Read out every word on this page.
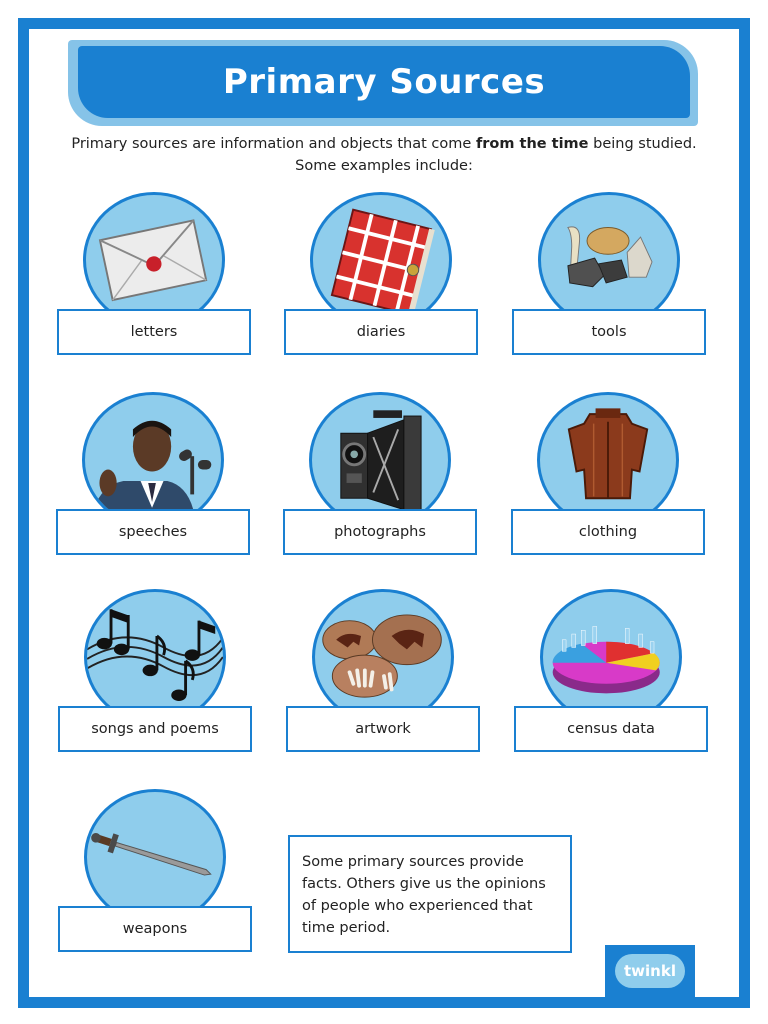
Primary Sources
Primary sources are information and objects that come from the time being studied.
Some examples include:
letters	diaries	tools
speeches	photographs	clothing
songs and poems	artwork	census data
weapons
Some primary sources provide facts. Others give us the opinions of people who experienced that time period.
twinkl
